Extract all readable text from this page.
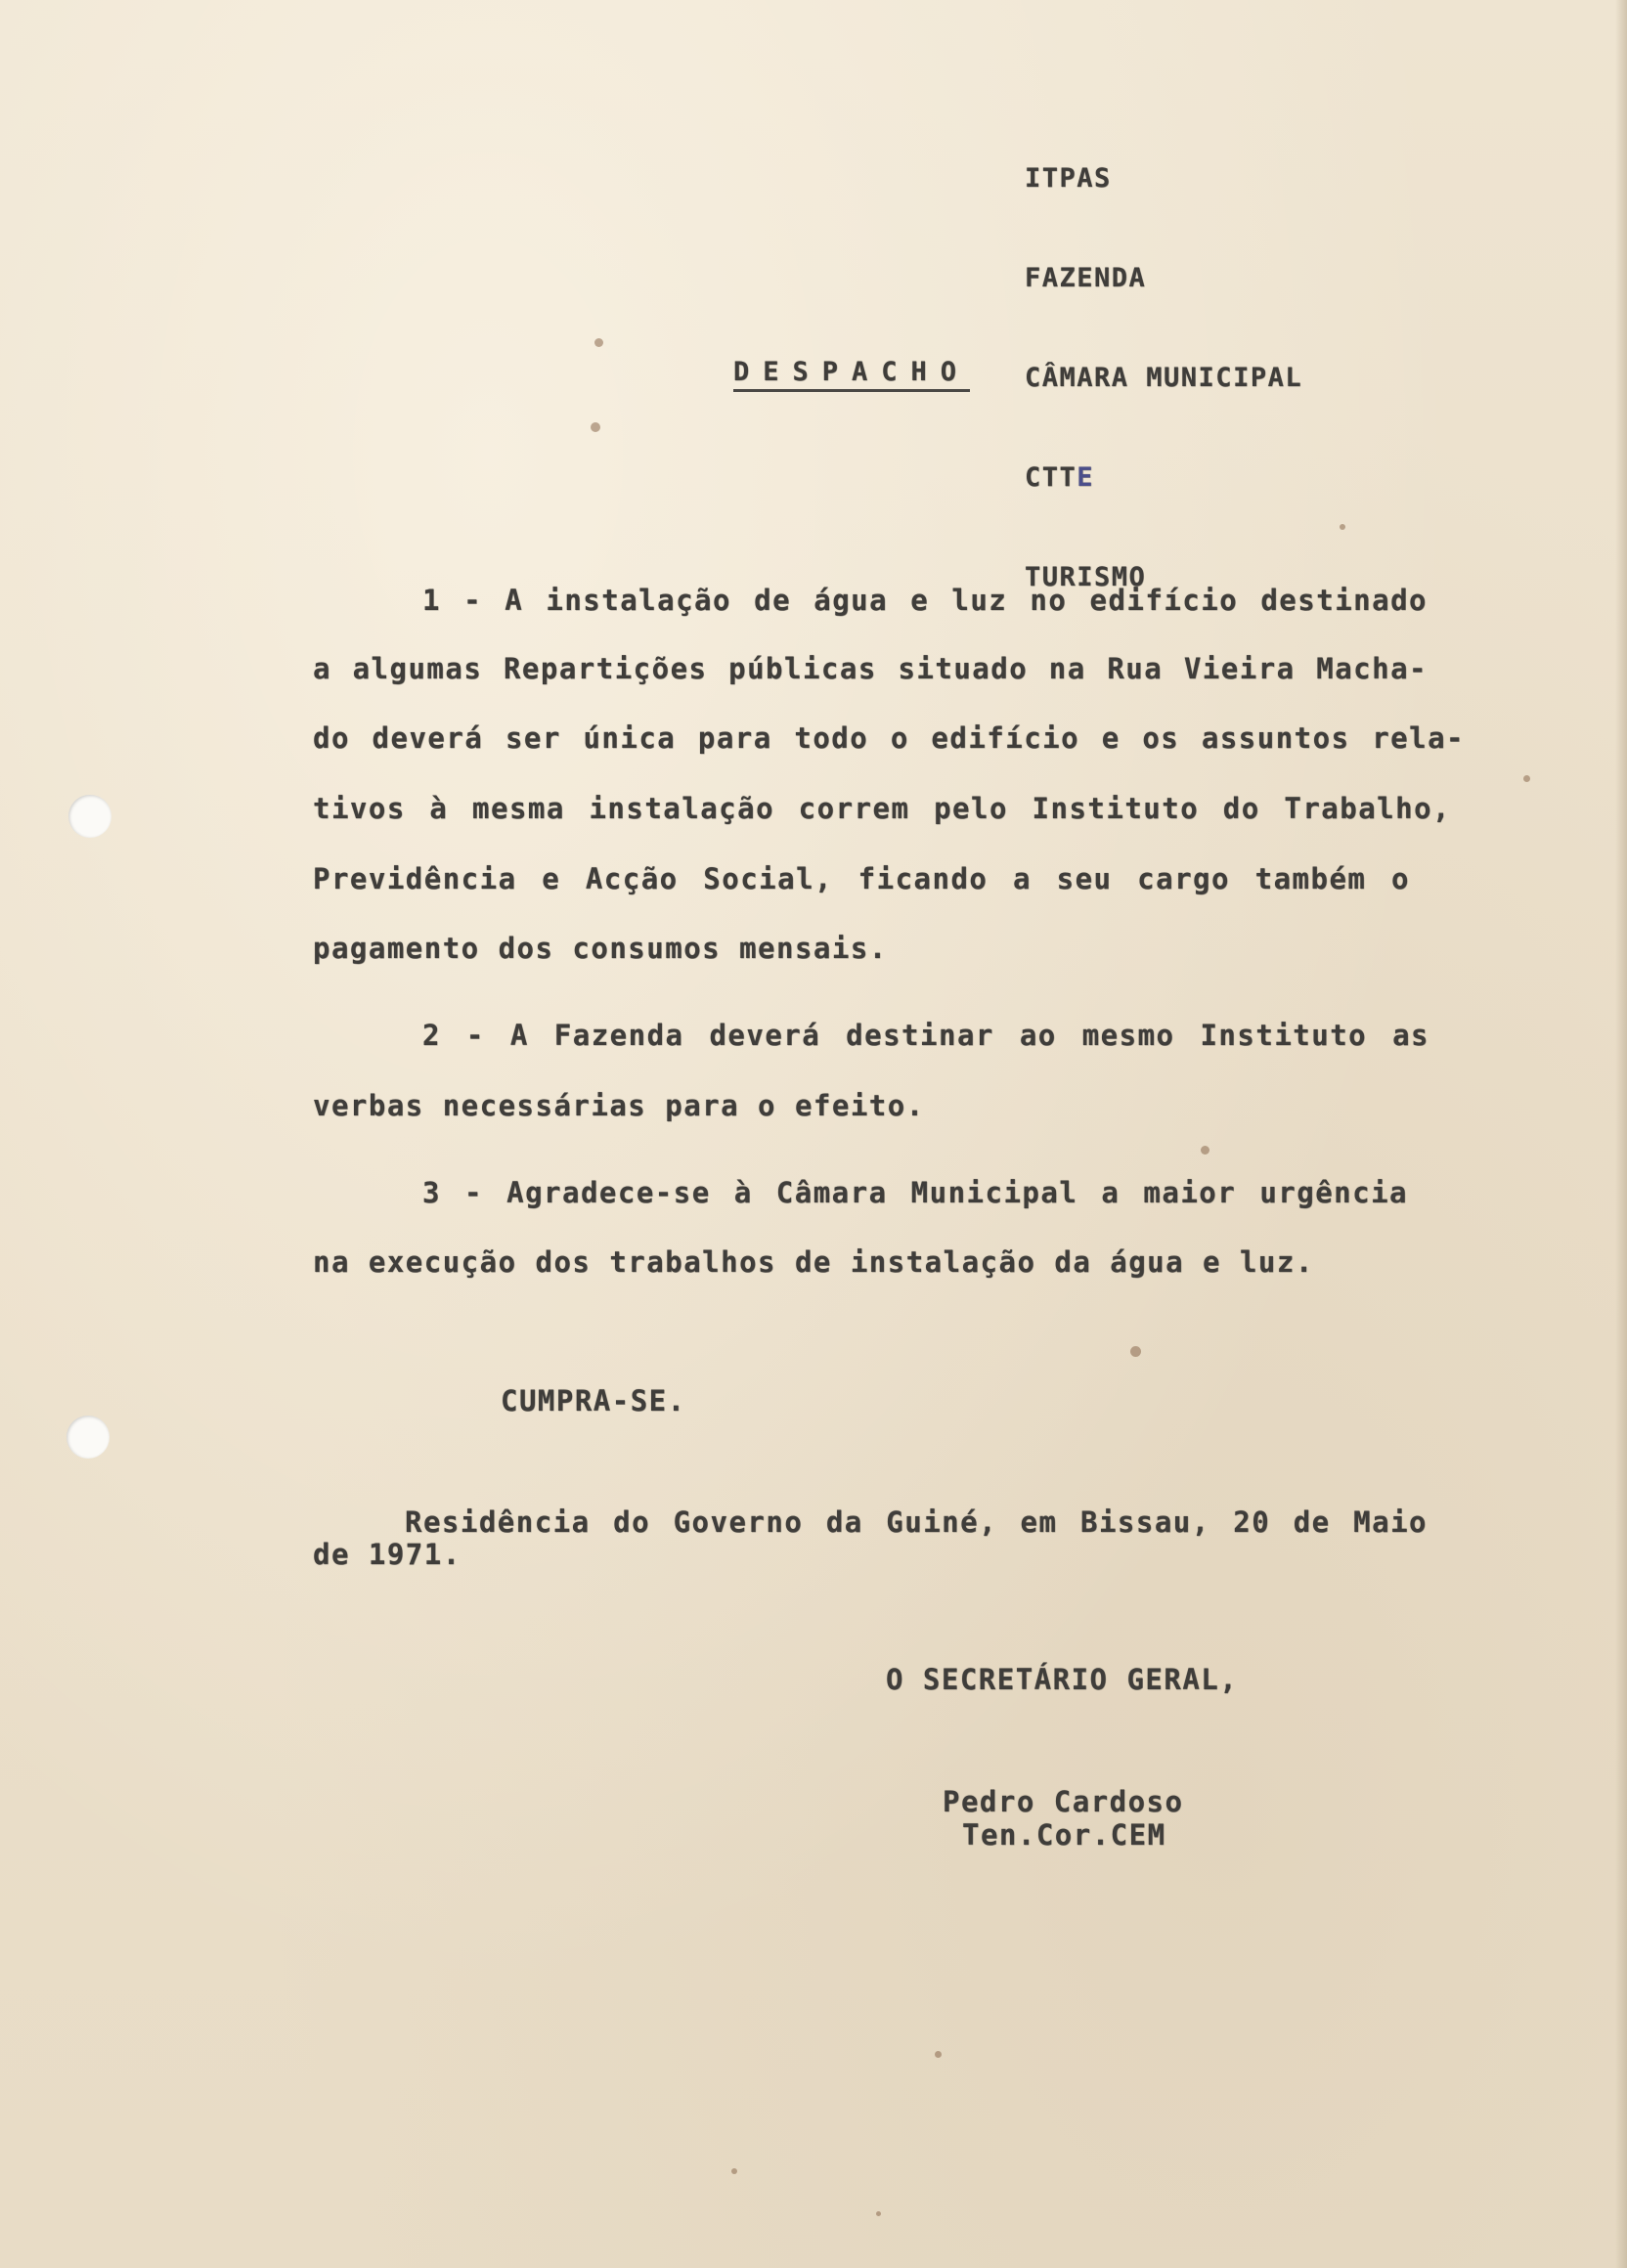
ITPAS

FAZENDA

CÂMARA MUNICIPAL

CTTE

TURISMO

DESPACHO
1 - A instalação de água e luz no edifício destinado
a algumas Repartições públicas situado na Rua Vieira Macha-
do deverá ser única para todo o edifício e os assuntos rela-
tivos à mesma instalação correm pelo Instituto do Trabalho,
Previdência e Acção Social, ficando a seu cargo também o
pagamento dos consumos mensais.
2 - A Fazenda deverá destinar ao mesmo Instituto as
verbas necessárias para o efeito.
3 - Agradece-se à Câmara Municipal a maior urgência
na execução dos trabalhos de instalação da água e luz.
CUMPRA-SE.
Residência do Governo da Guiné, em Bissau, 20 de Maio
de 1971.
O SECRETÁRIO GERAL,
Pedro Cardoso
Ten.Cor.CEM
